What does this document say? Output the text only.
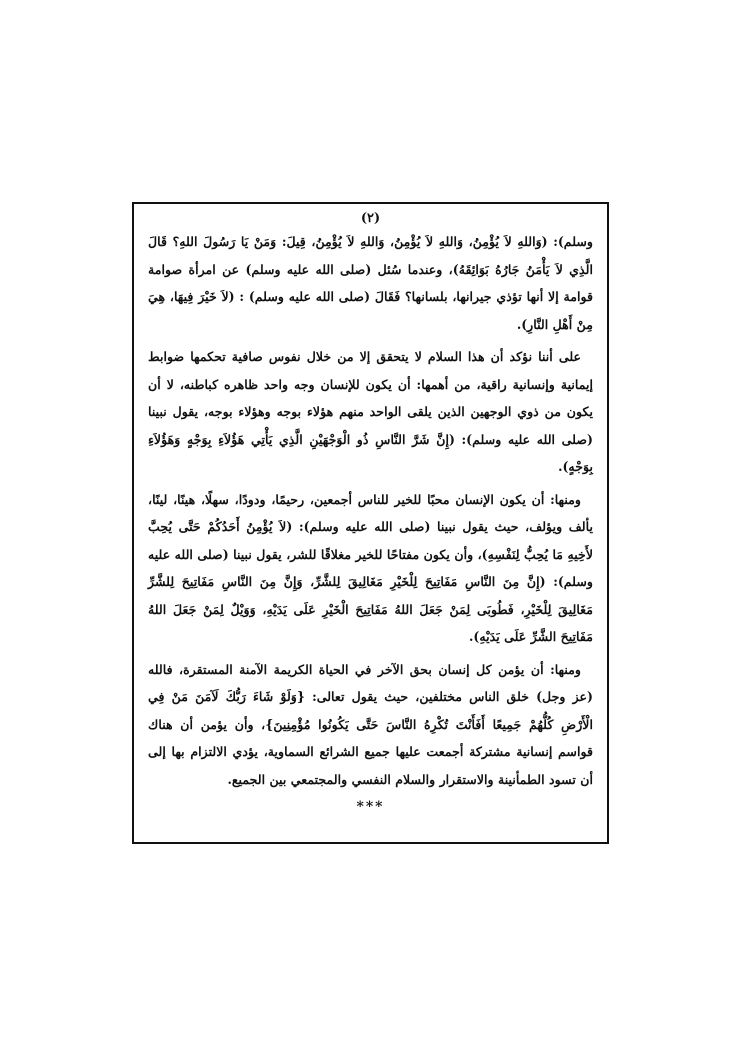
(٢)

وسلم): (وَاللهِ لاَ يُؤْمِنُ، وَاللهِ لاَ يُؤْمِنُ، وَاللهِ لاَ يُؤْمِنُ، قِيلَ: وَمَنْ يَا رَسُولَ اللهِ؟ قَالَ الَّذِي لاَ يَأْمَنُ جَارُهُ بَوَائِقَهُ)، وعندما سُئل (صلى الله عليه وسلم) عن امرأة صوامة قوامة إلا أنها تؤذي جيرانها، بلسانها؟ فَقَالَ (صلى الله عليه وسلم) : (لاَ خَيْرَ فِيهَا، هِيَ مِنْ أَهْلِ النَّارِ).

على أننا نؤكد أن هذا السلام لا يتحقق إلا من خلال نفوس صافية تحكمها ضوابط إيمانية وإنسانية راقية، من أهمها: أن يكون للإنسان وجه واحد ظاهره كباطنه، لا أن يكون من ذوي الوجهين الذين يلقى الواحد منهم هؤلاء بوجه وهؤلاء بوجه، يقول نبينا (صلى الله عليه وسلم): (إِنَّ شَرَّ النَّاسِ ذُو الْوَجْهَيْنِ الَّذِي يَأْتِي هَؤُلاَءِ بِوَجْهٍ وَهَؤُلاَءِ بِوَجْهٍ).

ومنها: أن يكون الإنسان محبًا للخير للناس أجمعين، رحيمًا، ودودًا، سهلًا، هينًا، لينًا، يألف ويؤلف، حيث يقول نبينا (صلى الله عليه وسلم): (لاَ يُؤْمِنُ أَحَدُكُمْ حَتَّى يُحِبَّ لأَخِيهِ مَا يُحِبُّ لِنَفْسِهِ)، وأن يكون مفتاحًا للخير مغلاقًا للشر، يقول نبينا (صلى الله عليه وسلم): (إِنَّ مِنَ النَّاسِ مَفَاتِيحَ لِلْخَيْرِ مَغَالِيقَ لِلشَّرِّ، وَإِنَّ مِنَ النَّاسِ مَفَاتِيحَ لِلشَّرِّ مَغَالِيقَ لِلْخَيْرِ، فَطُوبَى لِمَنْ جَعَلَ اللهُ مَفَاتِيحَ الْخَيْرِ عَلَى يَدَيْهِ، وَوَيْلٌ لِمَنْ جَعَلَ اللهُ مَفَاتِيحَ الشَّرِّ عَلَى يَدَيْهِ).

ومنها: أن يؤمن كل إنسان بحق الآخر في الحياة الكريمة الآمنة المستقرة، فالله (عز وجل) خلق الناس مختلفين، حيث يقول تعالى: {وَلَوْ شَاءَ رَبُّكَ لَآمَنَ مَنْ فِي الْأَرْضِ كُلُّهُمْ جَمِيعًا أَفَأَنْتَ تُكْرِهُ النَّاسَ حَتَّى يَكُونُوا مُؤْمِنِينَ}، وأن يؤمن أن هناك قواسم إنسانية مشتركة أجمعت عليها جميع الشرائع السماوية، يؤدي الالتزام بها إلى أن تسود الطمأنينة والاستقرار والسلام النفسي والمجتمعي بين الجميع.

***
